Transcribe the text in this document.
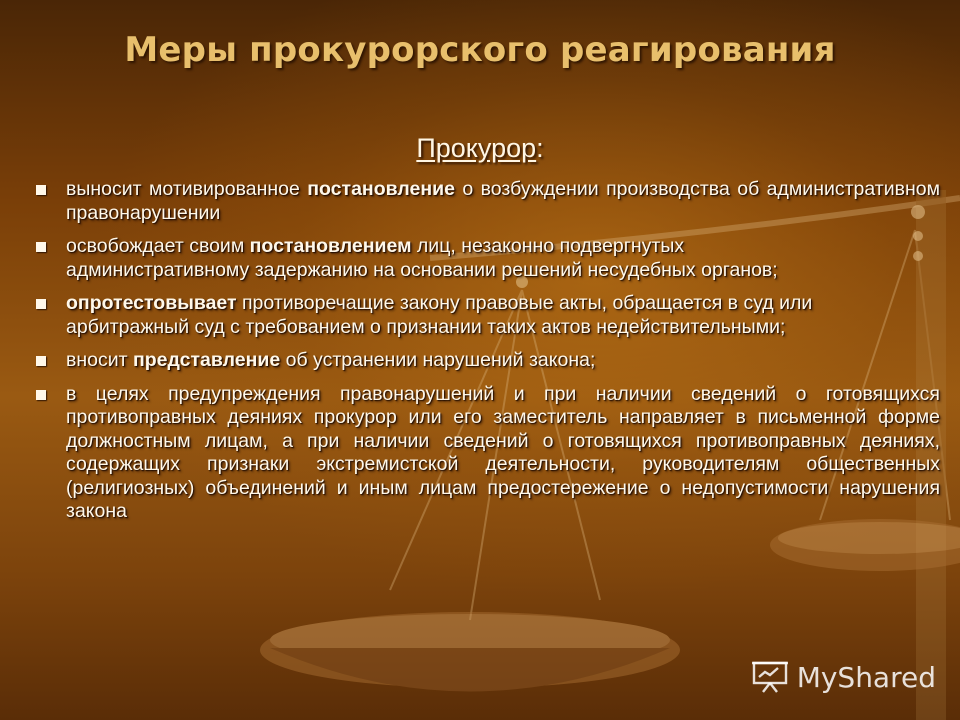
Меры прокурорского реагирования
Прокурор:
выносит мотивированное постановление о возбуждении производства об административном правонарушении
освобождает своим постановлением лиц, незаконно подвергнутых административному задержанию на основании решений несудебных органов;
опротестовывает противоречащие закону правовые акты, обращается в суд или арбитражный суд с требованием о признании таких актов недействительными;
вносит представление об устранении нарушений закона;
в целях предупреждения правонарушений и при наличии сведений о готовящихся противоправных деяниях прокурор или его заместитель направляет в письменной форме должностным лицам, а при наличии сведений о готовящихся противоправных деяниях, содержащих признаки экстремистской деятельности, руководителям общественных (религиозных) объединений и иным лицам предостережение о недопустимости нарушения закона
MyShared
